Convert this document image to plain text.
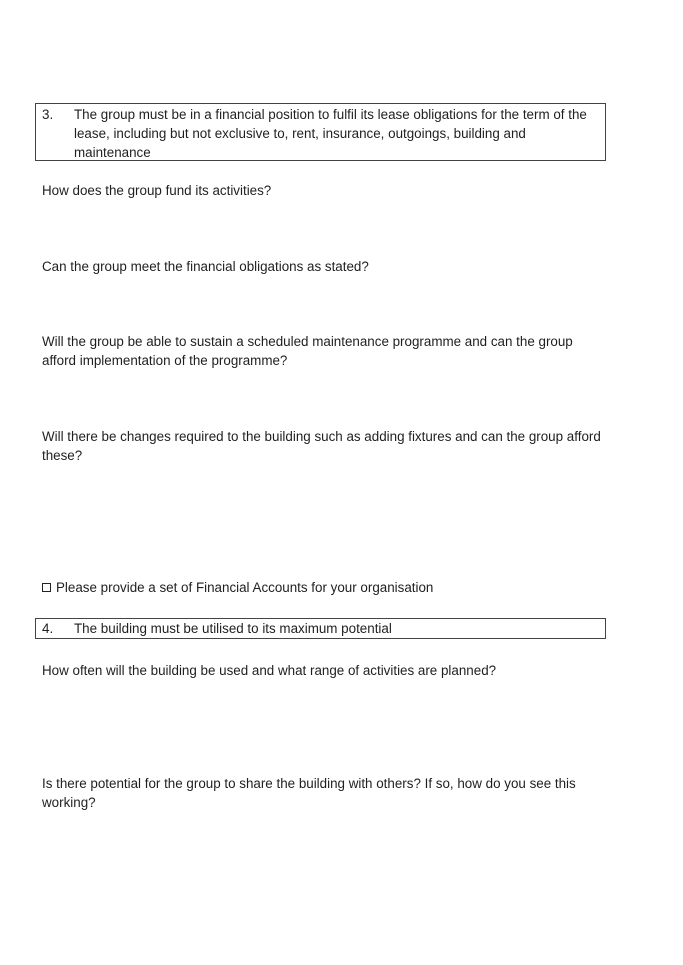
3.	The group must be in a financial position to fulfil its lease obligations for the term of the lease, including but not exclusive to, rent, insurance, outgoings, building and maintenance
How does the group fund its activities?
Can the group meet the financial obligations as stated?
Will the group be able to sustain a scheduled maintenance programme and can the group afford implementation of the programme?
Will there be changes required to the building such as adding fixtures and can the group afford these?
Please provide a set of Financial Accounts for your organisation
4.	The building must be utilised to its maximum potential
How often will the building be used and what range of activities are planned?
Is there potential for the group to share the building with others? If so, how do you see this working?
